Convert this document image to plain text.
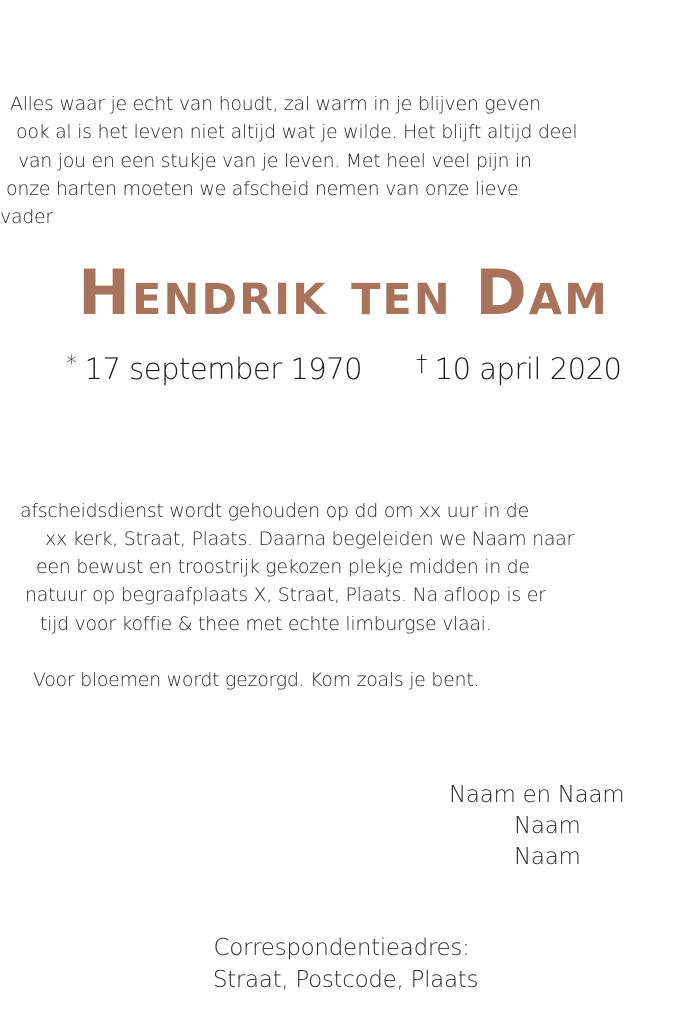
Alles waar je echt van houdt, zal warm in je blijven geven

ook al is het leven niet altijd wat je wilde. Het blijft altijd deel

van jou en een stukje van je leven. Met heel veel pijn in

onze harten moeten we afscheid nemen van onze lieve

vader

Hendrik ten Dam

* 17 september 1970 † 10 april 2020

afscheidsdienst wordt gehouden op dd om xx uur in de

xx kerk, Straat, Plaats. Daarna begeleiden we Naam naar

een bewust en troostrijk gekozen plekje midden in de

natuur op begraafplaats X, Straat, Plaats. Na afloop is er

tijd voor koffie & thee met echte limburgse vlaai.

Voor bloemen wordt gezorgd. Kom zoals je bent.

Naam en Naam

Naam

Naam

Correspondentieadres:

Straat, Postcode, Plaats
